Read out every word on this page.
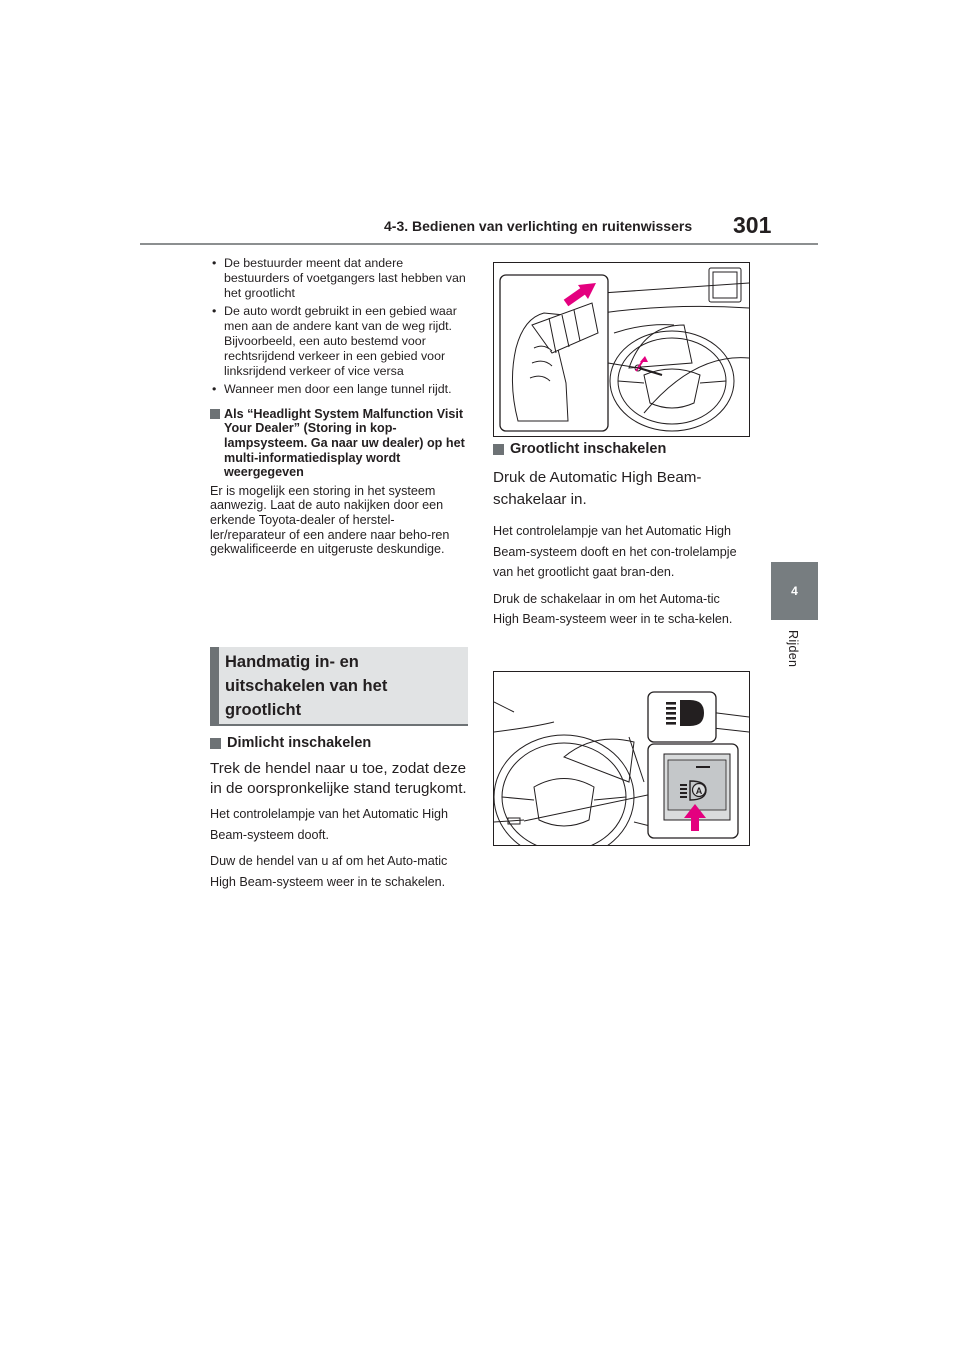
4-3. Bedienen van verlichting en ruitenwissers 301
4
Rijden
• De bestuurder meent dat andere bestuurders of voetgangers last hebben van het grootlicht
• De auto wordt gebruikt in een gebied waar men aan de andere kant van de weg rijdt. Bijvoorbeeld, een auto bestemd voor rechtsrijdend verkeer in een gebied voor linksrijdend verkeer of vice versa
• Wanneer men door een lange tunnel rijdt.
Als “Headlight System Malfunction Visit Your Dealer” (Storing in kop-lampsysteem. Ga naar uw dealer) op het multi-informatiedisplay wordt weergegeven
Er is mogelijk een storing in het systeem aanwezig. Laat de auto nakijken door een erkende Toyota-dealer of herstel-ler/reparateur of een andere naar beho-ren gekwalificeerde en uitgeruste deskundige.
Handmatig in- en uitschakelen van het grootlicht
Dimlicht inschakelen
Trek de hendel naar u toe, zodat deze in de oorspronkelijke stand terugkomt.
Het controlelampje van het Automatic High Beam-systeem dooft.
Duw de hendel van u af om het Auto-matic High Beam-systeem weer in te schakelen.
Grootlicht inschakelen
Druk de Automatic High Beam-schakelaar in.
Het controlelampje van het Automatic High Beam-systeem dooft en het con-trolelampje van het grootlicht gaat bran-den.
Druk de schakelaar in om het Automa-tic High Beam-systeem weer in te scha-kelen.
A
